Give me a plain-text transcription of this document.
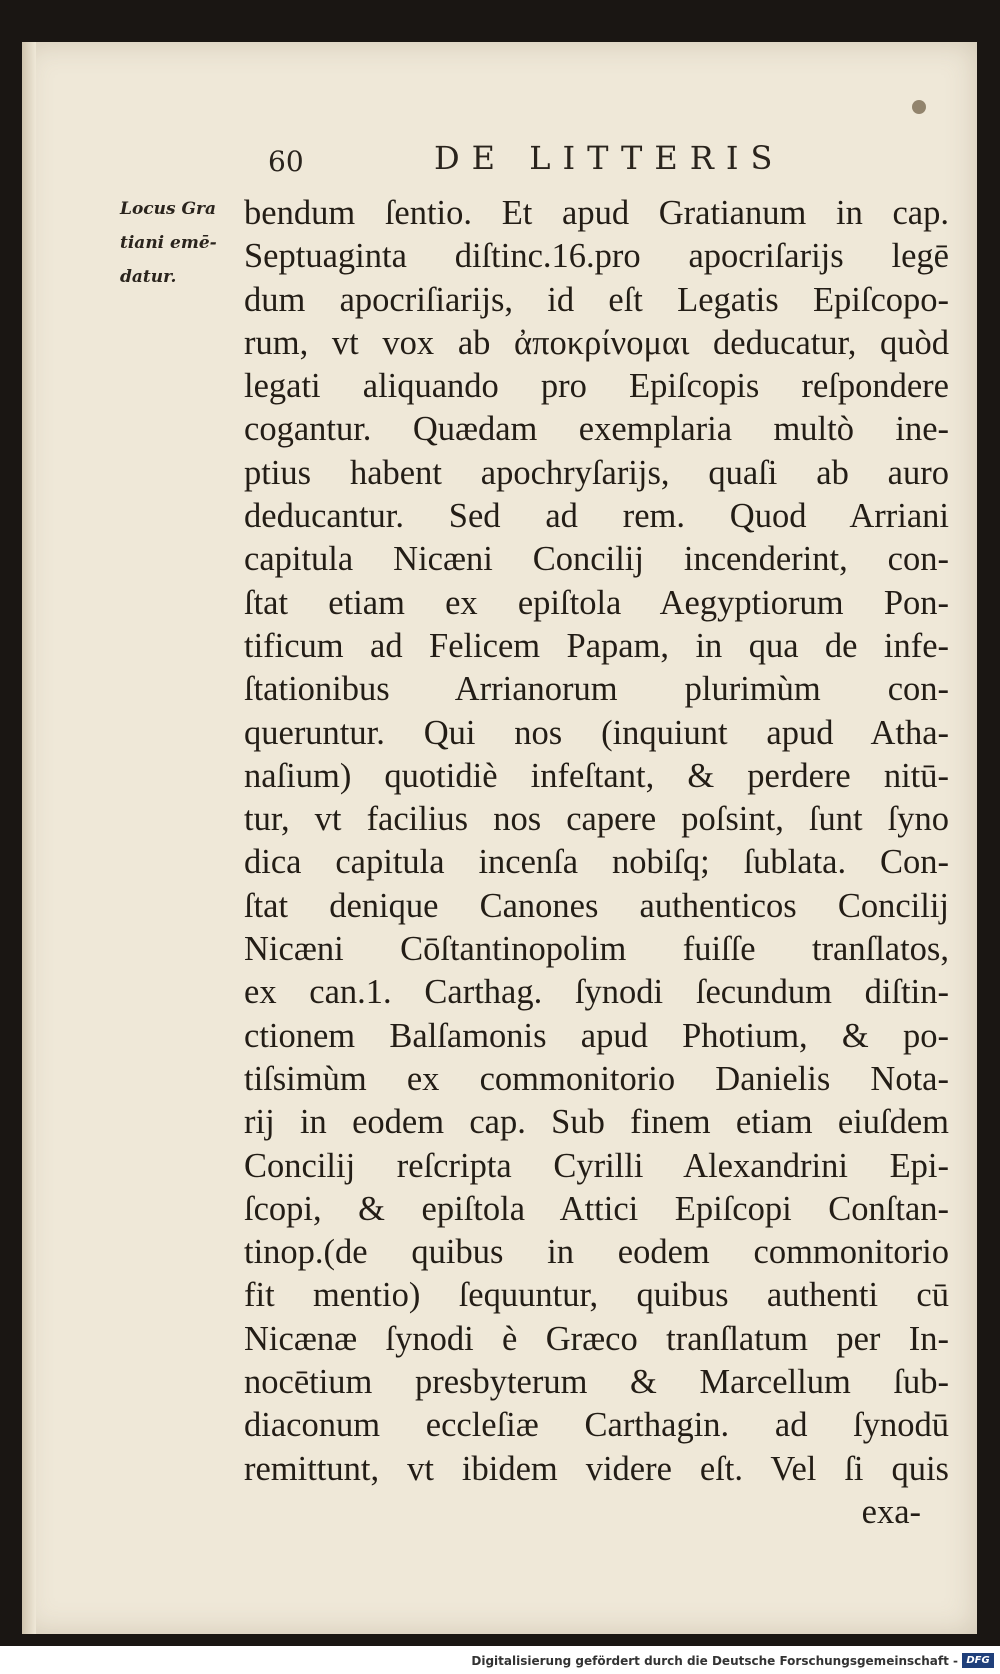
60	DE LITTERIS
Locus Gra
tiani emē-
datur.
bendum ſentio. Et apud Gratianum in cap.
Septuaginta diſtinc.16.pro apocriſarijs legē
dum apocriſiarijs, id eſt Legatis Epiſcopo-
rum, vt vox ab ἀποκρίνομαι deducatur, quòd
legati aliquando pro Epiſcopis reſpondere
cogantur. Quædam exemplaria multò ine-
ptius habent apochryſarijs, quaſi ab auro
deducantur. Sed ad rem. Quod Arriani
capitula Nicæni Concilij incenderint, con-
ſtat etiam ex epiſtola Aegyptiorum Pon-
tificum ad Felicem Papam, in qua de infe-
ſtationibus Arrianorum plurimùm con-
queruntur. Qui nos (inquiunt apud Atha-
naſium) quotidiè infeſtant, & perdere nitū-
tur, vt facilius nos capere poſsint, ſunt ſyno
dica capitula incenſa nobiſq; ſublata. Con-
ſtat denique Canones authenticos Concilij
Nicæni Cōſtantinopolim fuiſſe tranſlatos,
ex can.1. Carthag. ſynodi ſecundum diſtin-
ctionem Balſamonis apud Photium, & po-
tiſsimùm ex commonitorio Danielis Nota-
rij in eodem cap. Sub finem etiam eiuſdem
Concilij reſcripta Cyrilli Alexandrini Epi-
ſcopi, & epiſtola Attici Epiſcopi Conſtan-
tinop.(de quibus in eodem commonitorio
fit mentio) ſequuntur, quibus authenti cū
Nicænæ ſynodi è Græco tranſlatum per In-
nocētium presbyterum & Marcellum ſub-
diaconum eccleſiæ Carthagin. ad ſynodū
remittunt, vt ibidem videre eſt. Vel ſi quis
exa-
Digitalisierung gefördert durch die Deutsche Forschungsgemeinschaft - DFG
